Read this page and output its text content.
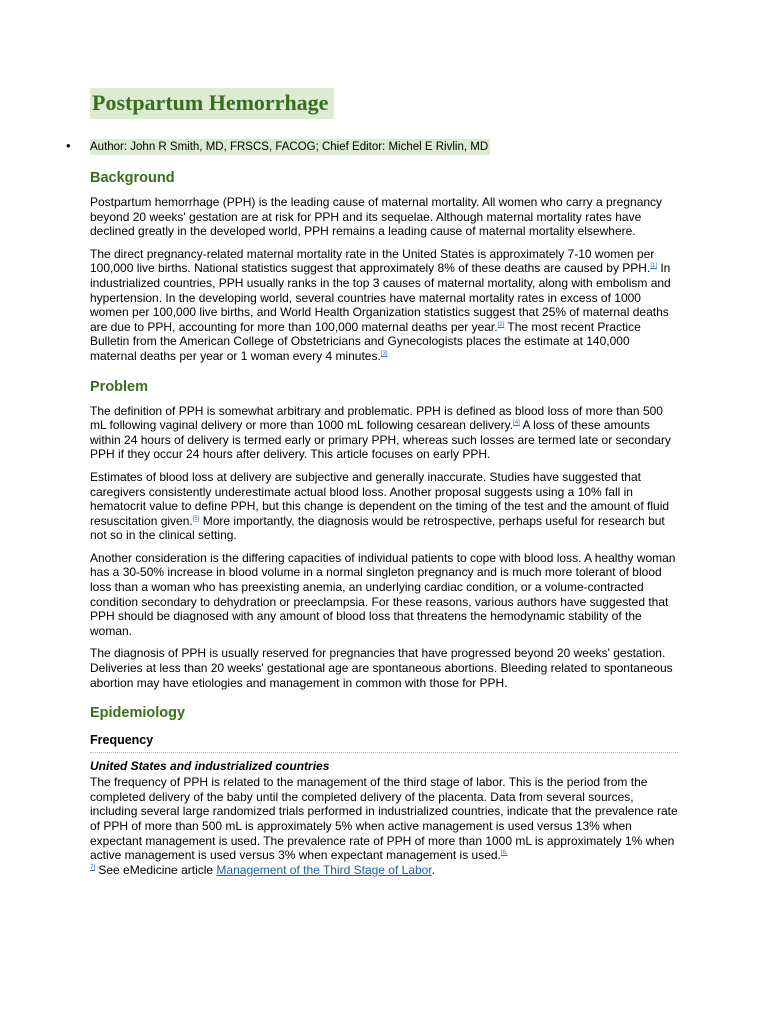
Postpartum Hemorrhage
• Author: John R Smith, MD, FRSCS, FACOG; Chief Editor: Michel E Rivlin, MD
Background

Postpartum hemorrhage (PPH) is the leading cause of maternal mortality. All women who carry a pregnancy beyond 20 weeks' gestation are at risk for PPH and its sequelae. Although maternal mortality rates have declined greatly in the developed world, PPH remains a leading cause of maternal mortality elsewhere.

The direct pregnancy-related maternal mortality rate in the United States is approximately 7-10 women per 100,000 live births. National statistics suggest that approximately 8% of these deaths are caused by PPH.[1] In industrialized countries, PPH usually ranks in the top 3 causes of maternal mortality, along with embolism and hypertension. In the developing world, several countries have maternal mortality rates in excess of 1000 women per 100,000 live births, and World Health Organization statistics suggest that 25% of maternal deaths are due to PPH, accounting for more than 100,000 maternal deaths per year.[2] The most recent Practice Bulletin from the American College of Obstetricians and Gynecologists places the estimate at 140,000 maternal deaths per year or 1 woman every 4 minutes.[3]

Problem

The definition of PPH is somewhat arbitrary and problematic. PPH is defined as blood loss of more than 500 mL following vaginal delivery or more than 1000 mL following cesarean delivery.[4] A loss of these amounts within 24 hours of delivery is termed early or primary PPH, whereas such losses are termed late or secondary PPH if they occur 24 hours after delivery. This article focuses on early PPH.

Estimates of blood loss at delivery are subjective and generally inaccurate. Studies have suggested that caregivers consistently underestimate actual blood loss. Another proposal suggests using a 10% fall in hematocrit value to define PPH, but this change is dependent on the timing of the test and the amount of fluid resuscitation given.[5] More importantly, the diagnosis would be retrospective, perhaps useful for research but not so in the clinical setting.

Another consideration is the differing capacities of individual patients to cope with blood loss. A healthy woman has a 30-50% increase in blood volume in a normal singleton pregnancy and is much more tolerant of blood loss than a woman who has preexisting anemia, an underlying cardiac condition, or a volume-contracted condition secondary to dehydration or preeclampsia. For these reasons, various authors have suggested that PPH should be diagnosed with any amount of blood loss that threatens the hemodynamic stability of the woman.

The diagnosis of PPH is usually reserved for pregnancies that have progressed beyond 20 weeks' gestation. Deliveries at less than 20 weeks' gestational age are spontaneous abortions. Bleeding related to spontaneous abortion may have etiologies and management in common with those for PPH.

Epidemiology
Frequency
United States and industrialized countries

The frequency of PPH is related to the management of the third stage of labor. This is the period from the completed delivery of the baby until the completed delivery of the placenta. Data from several sources, including several large randomized trials performed in industrialized countries, indicate that the prevalence rate of PPH of more than 500 mL is approximately 5% when active management is used versus 13% when expectant management is used. The prevalence rate of PPH of more than 1000 mL is approximately 1% when active management is used versus 3% when expectant management is used.$^{[6,}$
$^{7]}$ See eMedicine article Management of the Third Stage of Labor.
